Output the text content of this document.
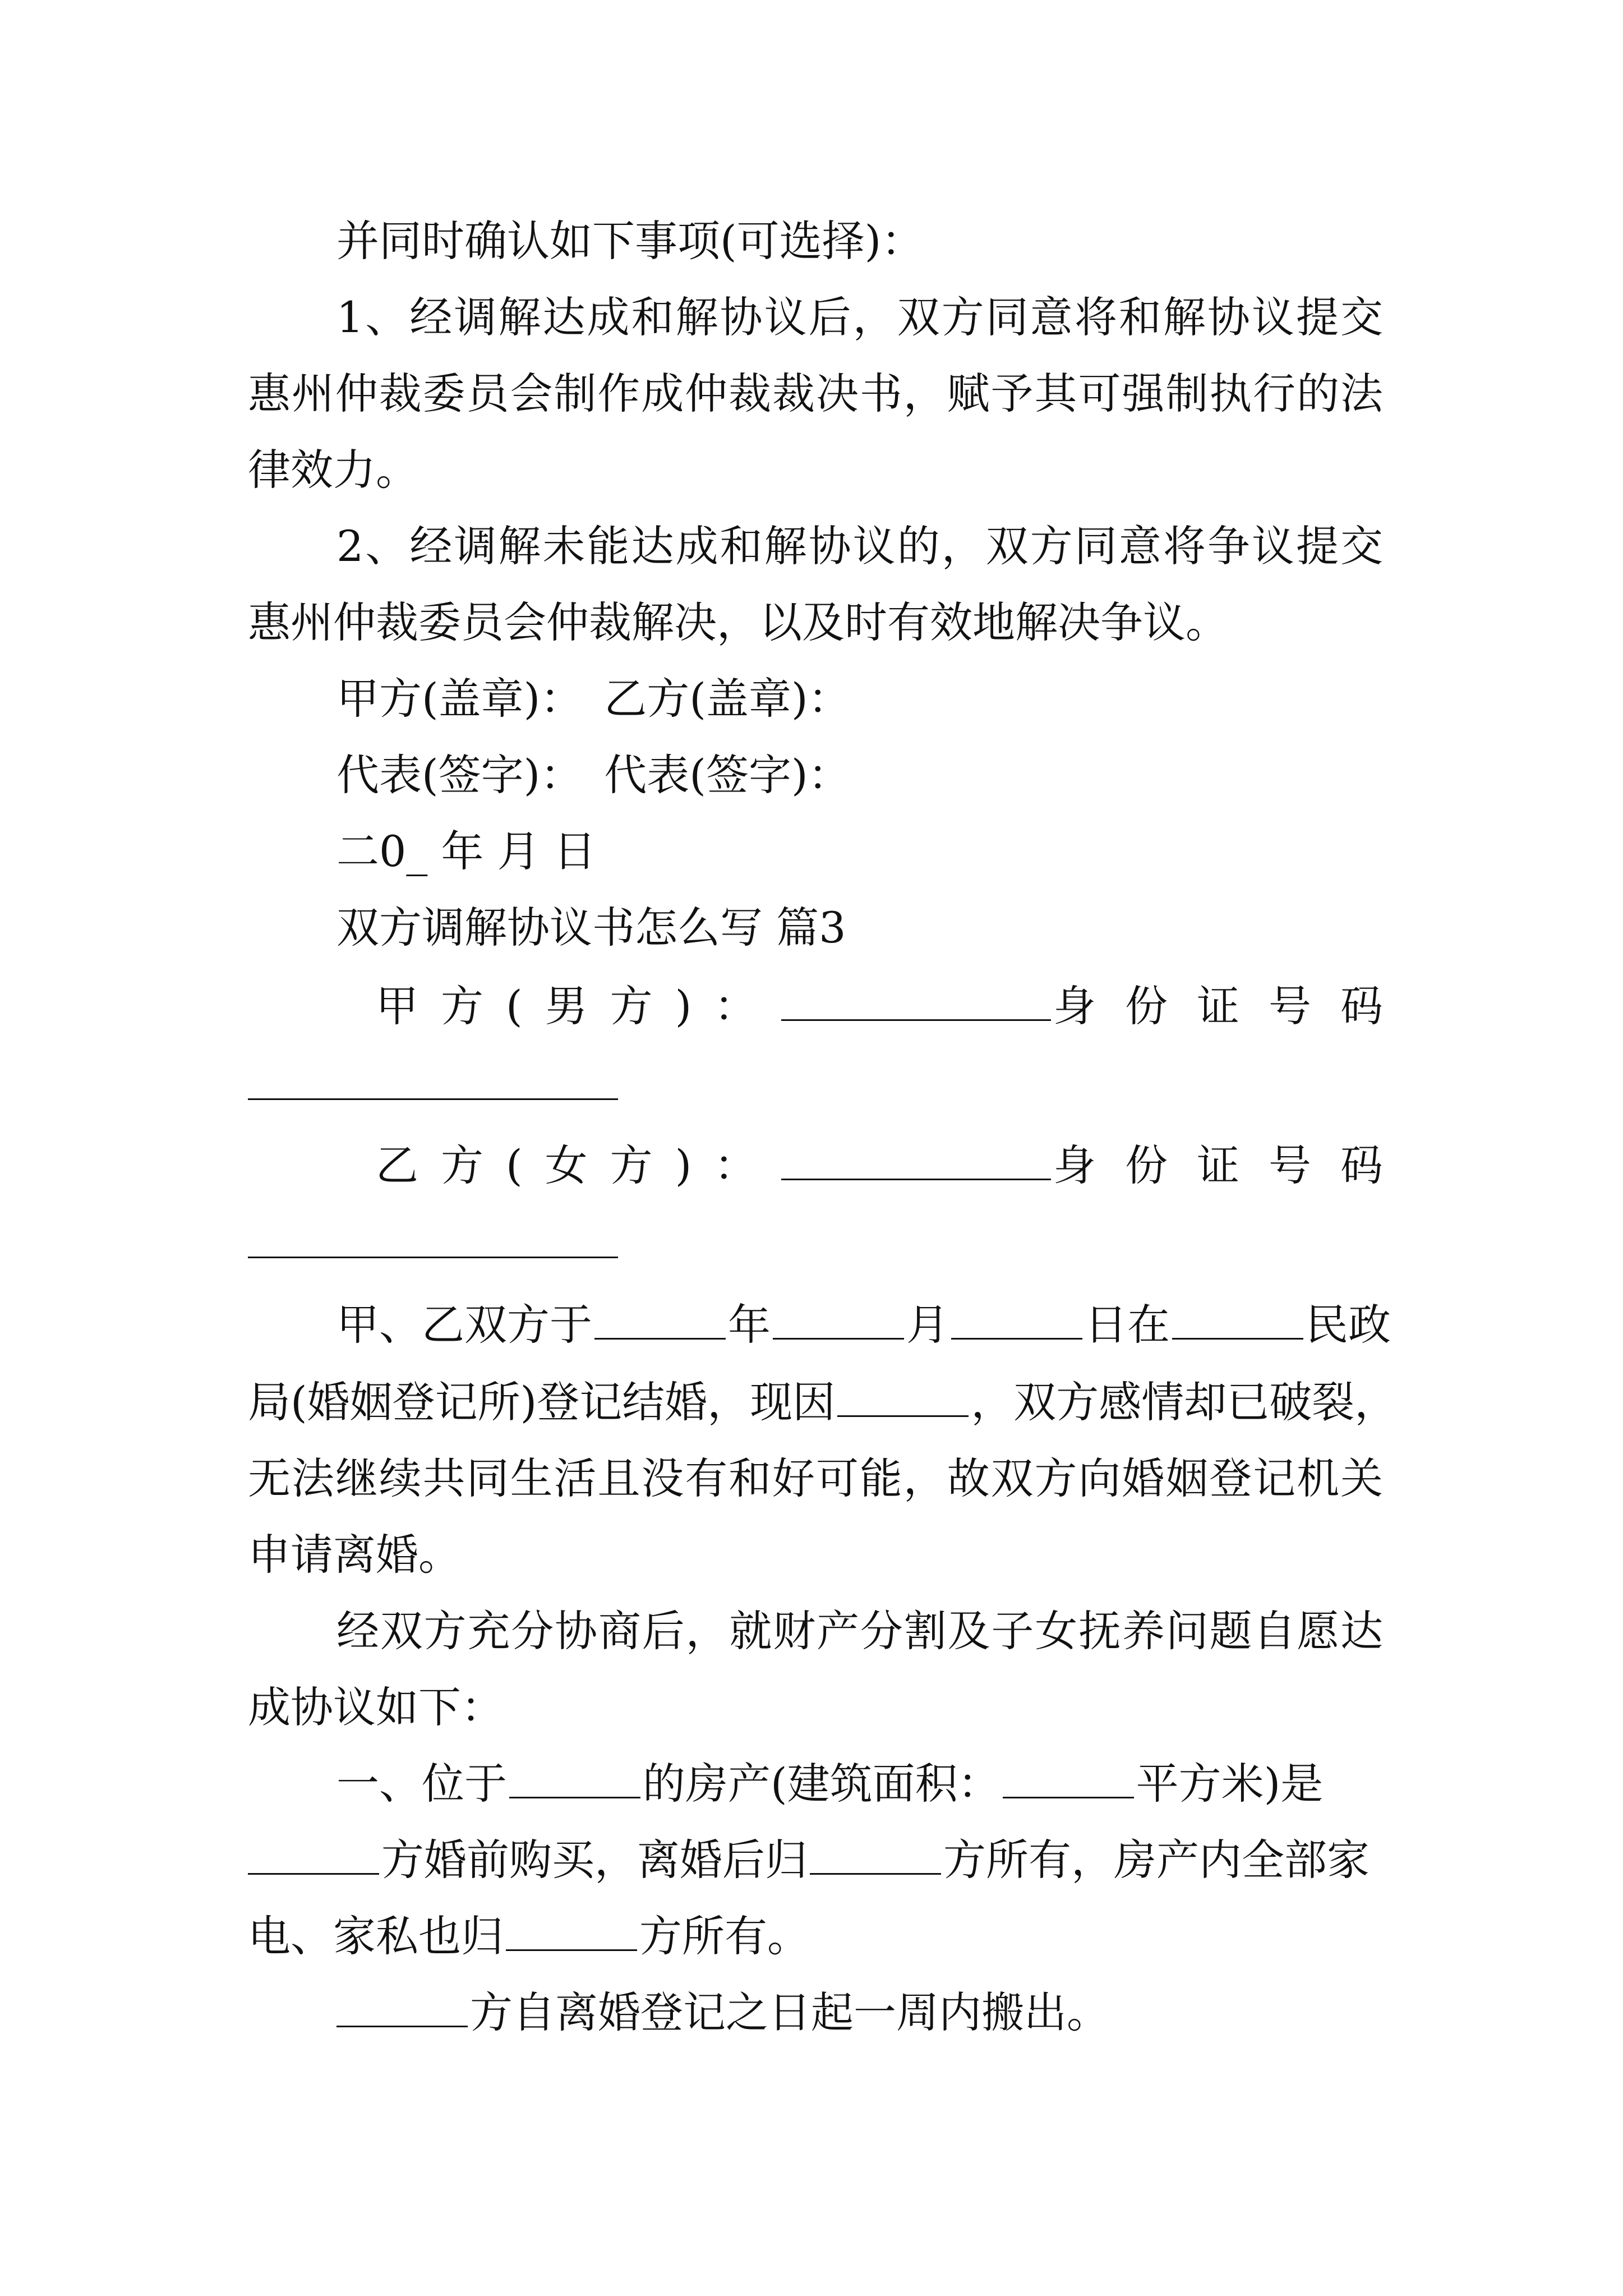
并同时确认如下事项(可选择)：
1、经调解达成和解协议后，双方同意将和解协议提交
惠州仲裁委员会制作成仲裁裁决书，赋予其可强制执行的法
律效力。
2、经调解未能达成和解协议的，双方同意将争议提交
惠州仲裁委员会仲裁解决，以及时有效地解决争议。
甲方(盖章)：　乙方(盖章)：
代表(签字)：　代表(签字)：
二0_ 年 月 日
双方调解协议书怎么写 篇3
甲方(男方)：	身份证号码
乙方(女方)：	身份证号码
甲、乙双方于	年	月	日在	民政
局(婚姻登记所)登记结婚，现因	，双方感情却已破裂，
无法继续共同生活且没有和好可能，故双方向婚姻登记机关
申请离婚。
经双方充分协商后，就财产分割及子女抚养问题自愿达
成协议如下：
一、位于	的房产(建筑面积：	平方米)是
方婚前购买，离婚后归	方所有，房产内全部家
电、家私也归	方所有。
方自离婚登记之日起一周内搬出。
